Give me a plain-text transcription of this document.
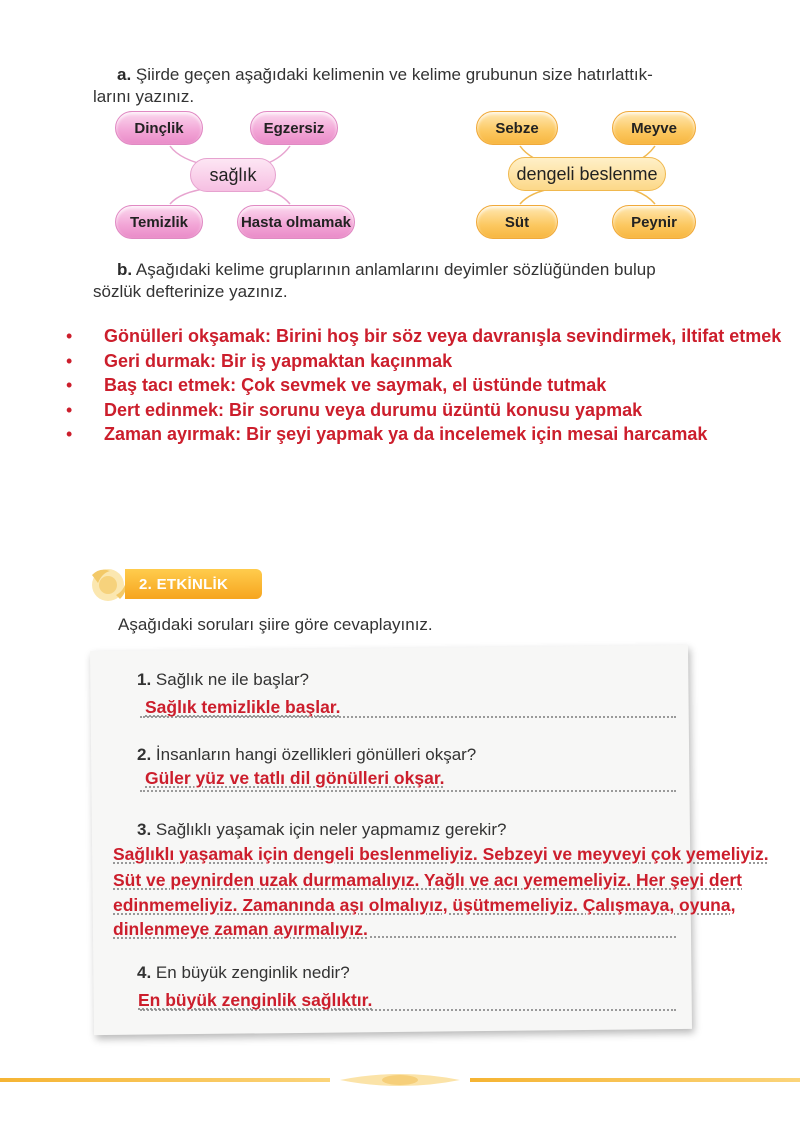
a. Şiirde geçen aşağıdaki kelimenin ve kelime grubunun size hatırlattık-
larını yazınız.
Dinçlik	Egzersiz
sağlık
Temizlik	Hasta olmamak
Sebze	Meyve
dengeli beslenme
Süt	Peynir
b. Aşağıdaki kelime gruplarının anlamlarını deyimler sözlüğünden bulup
sözlük defterinize yazınız.
• Gönülleri okşamak: Birini hoş bir söz veya davranışla sevindirmek, iltifat etmek
• Geri durmak: Bir iş yapmaktan kaçınmak
• Baş tacı etmek: Çok sevmek ve saymak, el üstünde tutmak
• Dert edinmek: Bir sorunu veya durumu üzüntü konusu yapmak
• Zaman ayırmak: Bir şeyi yapmak ya da incelemek için mesai harcamak
2. ETKİNLİK
Aşağıdaki soruları şiire göre cevaplayınız.
1. Sağlık ne ile başlar?
Sağlık temizlikle başlar.
2. İnsanların hangi özellikleri gönülleri okşar?
Güler yüz ve tatlı dil gönülleri okşar.
3. Sağlıklı yaşamak için neler yapmamız gerekir?
Sağlıklı yaşamak için dengeli beslenmeliyiz. Sebzeyi ve meyveyi çok yemeliyiz.
Süt ve peynirden uzak durmamalıyız. Yağlı ve acı yememeliyiz. Her şeyi dert
edinmemeliyiz. Zamanında aşı olmalıyız, üşütmemeliyiz. Çalışmaya, oyuna,
dinlenmeye zaman ayırmalıyız.
4. En büyük zenginlik nedir?
En büyük zenginlik sağlıktır.
